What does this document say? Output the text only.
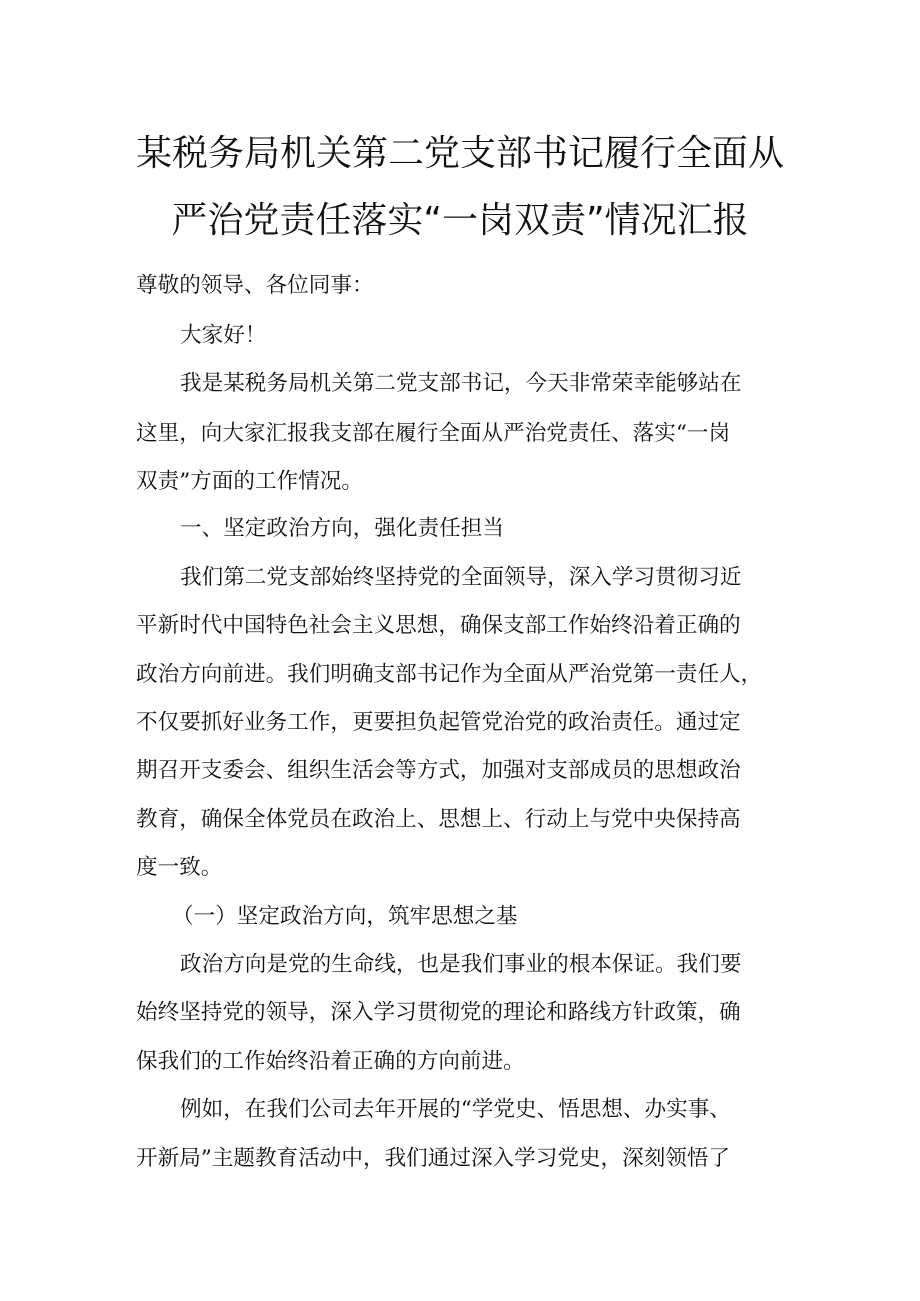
某税务局机关第二党支部书记履行全面从
严治党责任落实“一岗双责”情况汇报

尊敬的领导、各位同事：

大家好！

我是某税务局机关第二党支部书记，今天非常荣幸能够站在

这里，向大家汇报我支部在履行全面从严治党责任、落实“一岗

双责”方面的工作情况。

一、坚定政治方向，强化责任担当

我们第二党支部始终坚持党的全面领导，深入学习贯彻习近

平新时代中国特色社会主义思想，确保支部工作始终沿着正确的

政治方向前进。我们明确支部书记作为全面从严治党第一责任人，

不仅要抓好业务工作，更要担负起管党治党的政治责任。通过定

期召开支委会、组织生活会等方式，加强对支部成员的思想政治

教育，确保全体党员在政治上、思想上、行动上与党中央保持高

度一致。

（一）坚定政治方向，筑牢思想之基

政治方向是党的生命线，也是我们事业的根本保证。我们要

始终坚持党的领导，深入学习贯彻党的理论和路线方针政策，确

保我们的工作始终沿着正确的方向前进。

例如，在我们公司去年开展的“学党史、悟思想、办实事、

开新局”主题教育活动中，我们通过深入学习党史，深刻领悟了
